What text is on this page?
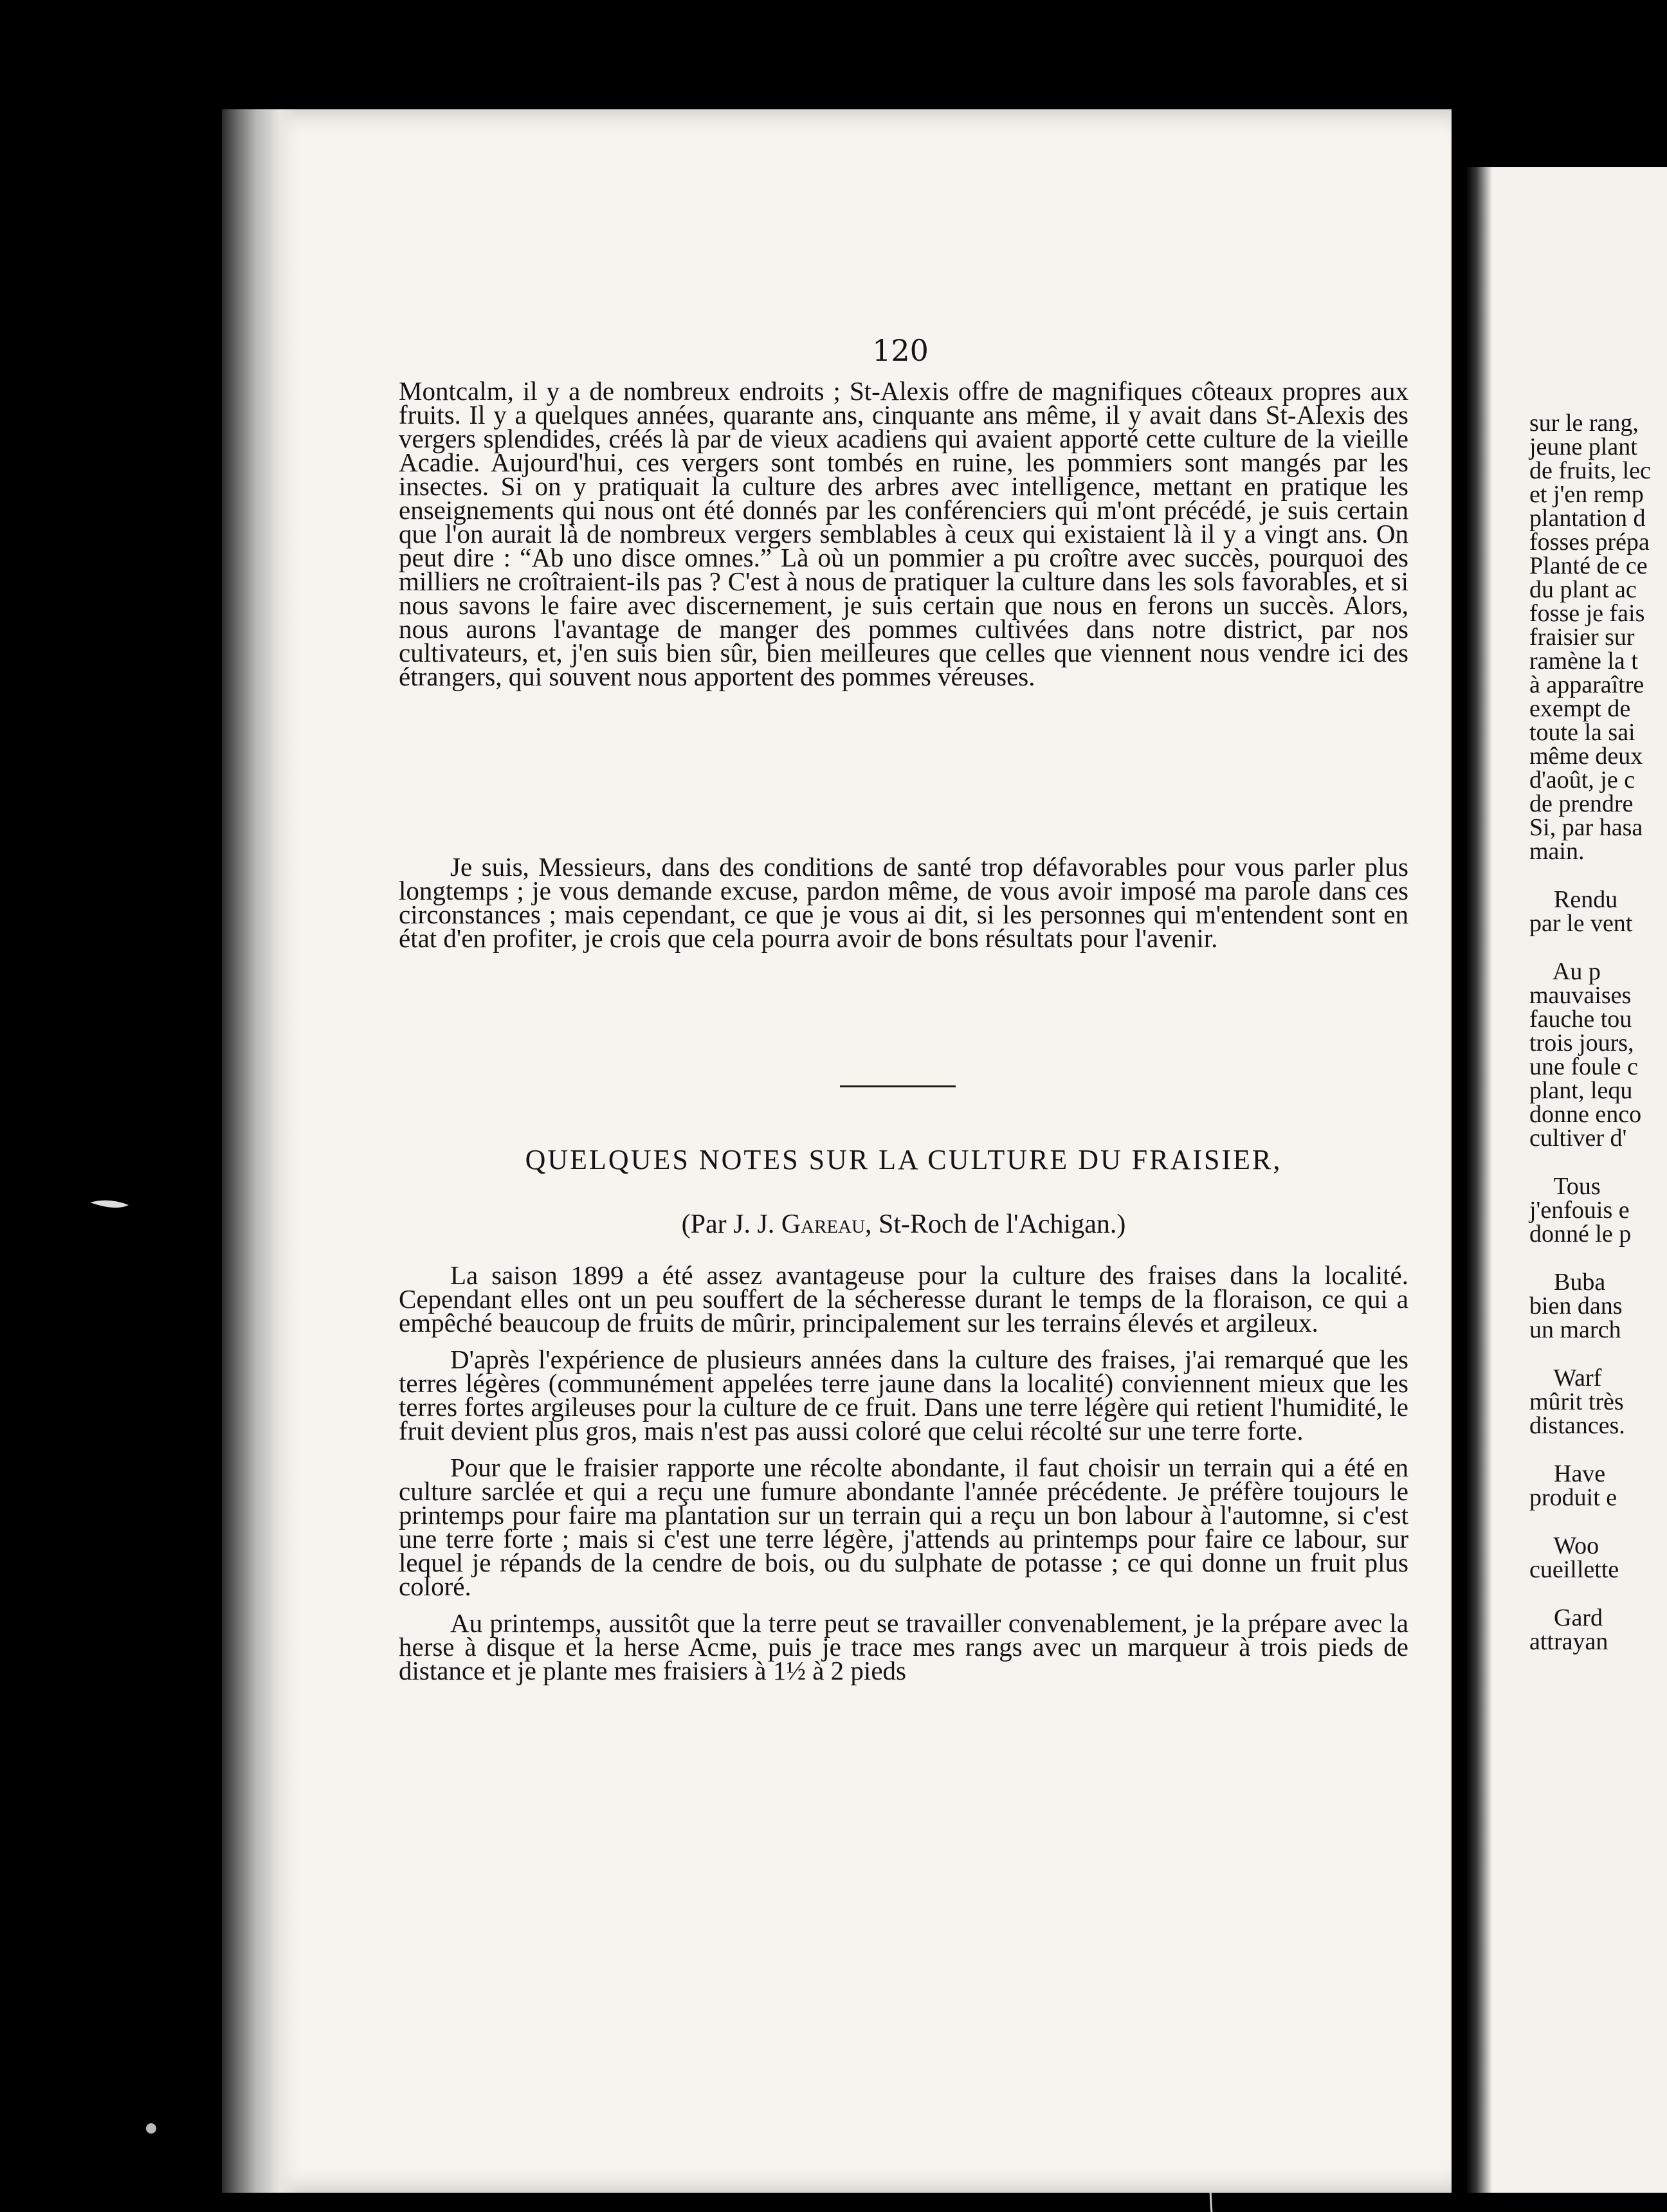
120

Montcalm, il y a de nombreux endroits ; St-Alexis offre de magnifiques côteaux propres aux fruits. Il y a quelques années, quarante ans, cinquante ans même, il y avait dans St-Alexis des vergers splendides, créés là par de vieux acadiens qui avaient apporté cette culture de la vieille Acadie. Aujourd'hui, ces vergers sont tombés en ruine, les pommiers sont mangés par les insectes. Si on y pratiquait la culture des arbres avec intelligence, mettant en pratique les enseignements qui nous ont été donnés par les conférenciers qui m'ont précédé, je suis certain que l'on aurait là de nombreux vergers semblables à ceux qui existaient là il y a vingt ans. On peut dire : “Ab uno disce omnes.” Là où un pommier a pu croître avec succès, pourquoi des milliers ne croîtraient-ils pas ? C'est à nous de pratiquer la culture dans les sols favorables, et si nous savons le faire avec discernement, je suis certain que nous en ferons un succès. Alors, nous aurons l'avantage de manger des pommes cultivées dans notre district, par nos cultivateurs, et, j'en suis bien sûr, bien meilleures que celles que viennent nous vendre ici des étrangers, qui souvent nous apportent des pommes véreuses.

Je suis, Messieurs, dans des conditions de santé trop défavorables pour vous parler plus longtemps ; je vous demande excuse, pardon même, de vous avoir imposé ma parole dans ces circonstances ; mais cependant, ce que je vous ai dit, si les personnes qui m'entendent sont en état d'en profiter, je crois que cela pourra avoir de bons résultats pour l'avenir.

QUELQUES NOTES SUR LA CULTURE DU FRAISIER,
(Par J. J. Gareau, St-Roch de l'Achigan.)

La saison 1899 a été assez avantageuse pour la culture des fraises dans la localité. Cependant elles ont un peu souffert de la sécheresse durant le temps de la floraison, ce qui a empêché beaucoup de fruits de mûrir, principalement sur les terrains élevés et argileux.

D'après l'expérience de plusieurs années dans la culture des fraises, j'ai remarqué que les terres légères (communément appelées terre jaune dans la localité) conviennent mieux que les terres fortes argileuses pour la culture de ce fruit. Dans une terre légère qui retient l'humidité, le fruit devient plus gros, mais n'est pas aussi coloré que celui récolté sur une terre forte.

Pour que le fraisier rapporte une récolte abondante, il faut choisir un terrain qui a été en culture sarclée et qui a reçu une fumure abondante l'année précédente. Je préfère toujours le printemps pour faire ma plantation sur un terrain qui a reçu un bon labour à l'automne, si c'est une terre forte ; mais si c'est une terre légère, j'attends au printemps pour faire ce labour, sur lequel je répands de la cendre de bois, ou du sulphate de potasse ; ce qui donne un fruit plus coloré.

Au printemps, aussitôt que la terre peut se travailler convenablement, je la prépare avec la herse à disque et la herse Acme, puis je trace mes rangs avec un marqueur à trois pieds de distance et je plante mes fraisiers à 1½ à 2 pieds

sur le rang,
jeune plant
de fruits, lec
et j'en remp
plantation d
fosses prépa
Planté de ce
du plant ac
fosse je fais
fraisier sur
ramène la t
à apparaître
exempt de
toute la sai
même deux
d'août, je c
de prendre
Si, par hasa
main.
Rendu
par le vent
Au p
mauvaises
fauche tou
trois jours,
une foule c
plant, lequ
donne enco
cultiver d'
Tous
j'enfouis e
donné le p
Buba
bien dans
un march
Warf
mûrit très
distances.
Have
produit e
Woo
cueillette
Gard
attrayan
